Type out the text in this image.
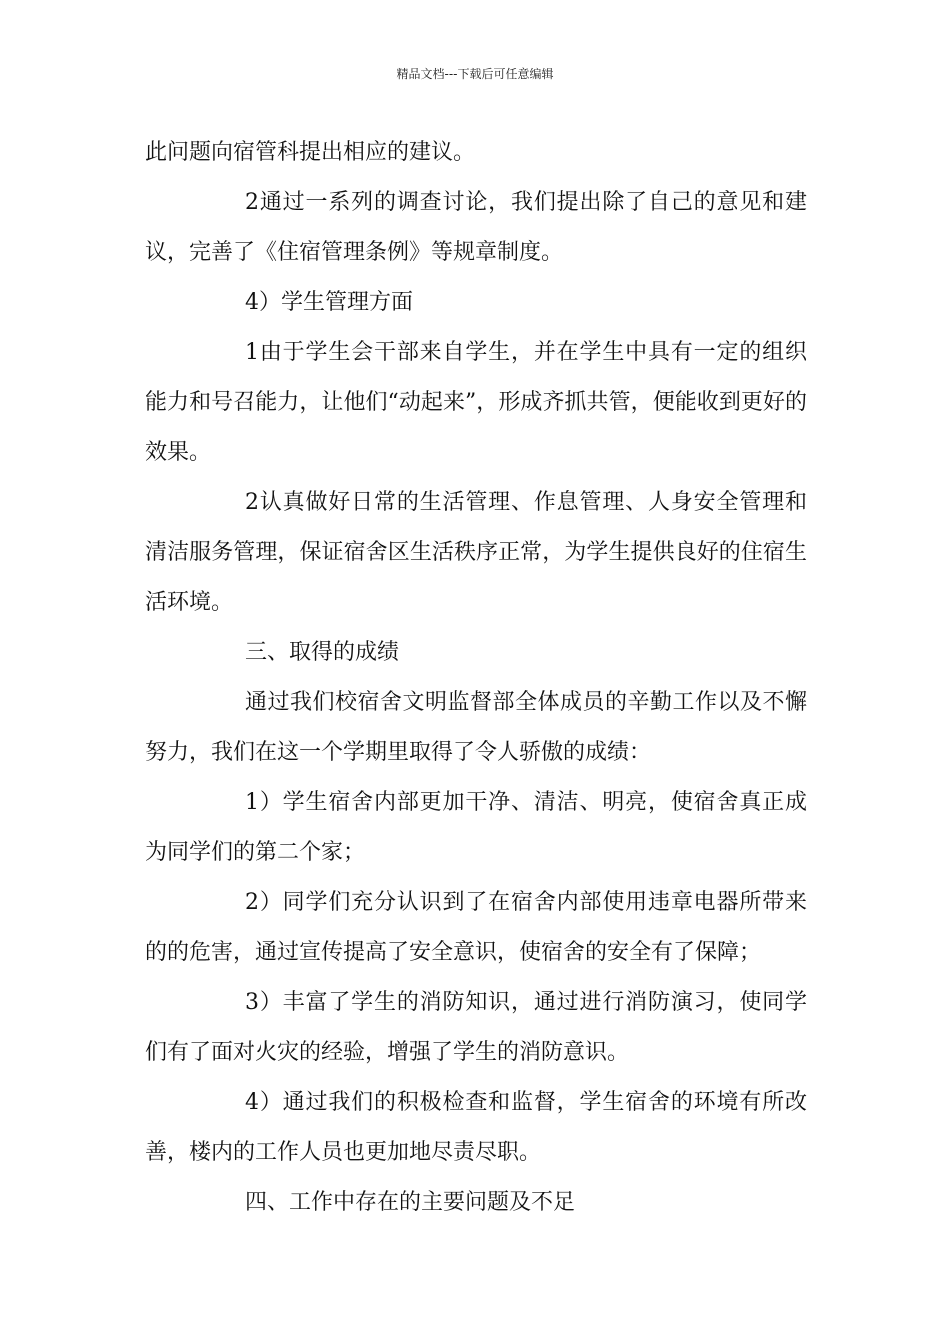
精品文档---下载后可任意编辑

此问题向宿管科提出相应的建议。

2通过一系列的调查讨论，我们提出除了自己的意见和建议，完善了《住宿管理条例》等规章制度。

4）学生管理方面

1由于学生会干部来自学生，并在学生中具有一定的组织能力和号召能力，让他们“动起来”，形成齐抓共管，便能收到更好的效果。

2认真做好日常的生活管理、作息管理、人身安全管理和清洁服务管理，保证宿舍区生活秩序正常，为学生提供良好的住宿生活环境。

三、取得的成绩

通过我们校宿舍文明监督部全体成员的辛勤工作以及不懈努力，我们在这一个学期里取得了令人骄傲的成绩：

1）学生宿舍内部更加干净、清洁、明亮，使宿舍真正成为同学们的第二个家；

2）同学们充分认识到了在宿舍内部使用违章电器所带来的的危害，通过宣传提高了安全意识，使宿舍的安全有了保障；

3）丰富了学生的消防知识，通过进行消防演习，使同学们有了面对火灾的经验，增强了学生的消防意识。

4）通过我们的积极检查和监督，学生宿舍的环境有所改善，楼内的工作人员也更加地尽责尽职。

四、工作中存在的主要问题及不足
